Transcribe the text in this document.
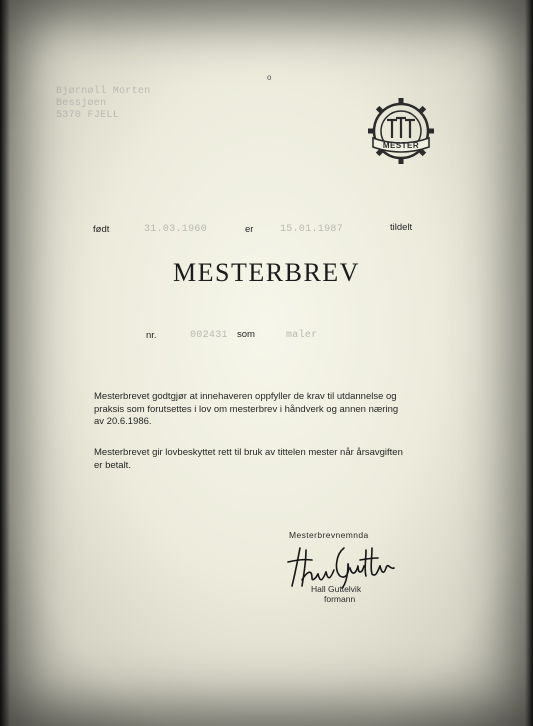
Bjørnøll Morten
Bessjøen
5370 FJELL
o
MESTER
født	31.03.1960	er	15.01.1987	tildelt
MESTERBREV
nr.	002431 som	maler
Mesterbrevet godtgjør at innehaveren oppfyller de krav til utdannelse og
praksis som forutsettes i lov om mesterbrev i håndverk og annen næring
av 20.6.1986.
Mesterbrevet gir lovbeskyttet rett til bruk av tittelen mester når årsavgiften
er betalt.
Mesterbrevnemnda
Hall Guttelvik
formann
